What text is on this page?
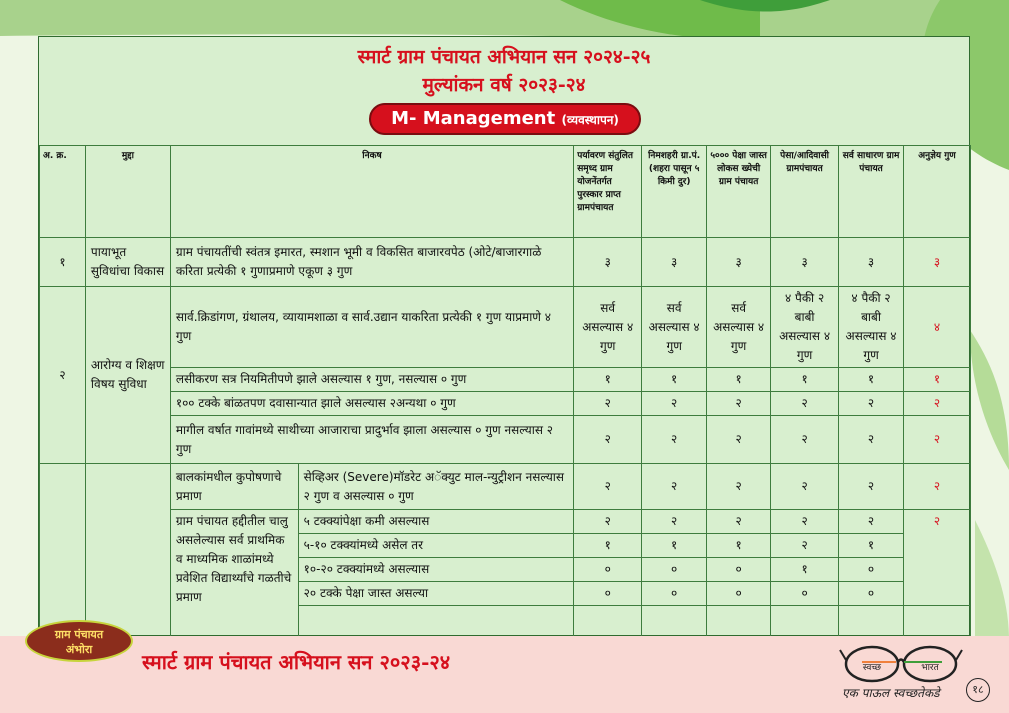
स्मार्ट ग्राम पंचायत अभियान सन २०२४-२५
मुल्यांकन वर्ष २०२३-२४
M- Management (व्यवस्थापन)
अ. क्र.	मुद्दा	निकष		पर्यावरण संतुलित समृध्द ग्राम योजनेंतर्गत पुरस्कार प्राप्त ग्रामपंचायत	निमशहरी ग्रा.पं. (शहरा पासून ५ किमी दुर)	५००० पेक्षा जास्त लोकस ख्येची ग्राम पंचायत	पेसा/आदिवासी ग्रामपंचायत	सर्व साधारण ग्राम पंचायत	अनुज्ञेय गुण
१	पायाभूत सुविधांचा विकास	ग्राम पंचायतींची स्वंतत्र इमारत, स्मशान भूमी व विकसित बाजारवपेठ (ओटे/बाजारगाळे करिता प्रत्येकी १ गुणाप्रमाणे एकूण ३ गुण		३	३	३	३	३	३
२	आरोग्य व शिक्षण विषय सुविधा	सार्व.क्रिडांगण, ग्रंथालय, व्यायामशाळा व सार्व.उद्यान याकरिता प्रत्येकी १ गुण याप्रमाणे ४ गुण		सर्व असल्यास ४ गुण	सर्व असल्यास ४ गुण	सर्व असल्यास ४ गुण	४ पैकी २ बाबी असल्यास ४ गुण	४ पैकी २ बाबी असल्यास ४ गुण	४
		लसीकरण सत्र नियमितीपणे झाले असल्यास १ गुण, नसल्यास ० गुण		१	१	१	१	१	१
		१०० टक्के बांळतपण दवासान्यात झाले असल्यास २अन्यथा ० गुण		२	२	२	२	२	२
		मागील वर्षात गावांमध्ये साथीच्या आजाराचा प्रादुर्भाव झाला असल्यास ० गुण नसल्यास २ गुण		२	२	२	२	२	२
		बालकांमधील कुपोषणाचे प्रमाण	सेव्हिअर (Severe)मॉडरेट अॅक्युट माल-न्युट्रीशन नसल्यास २ गुण व असल्यास ० गुण	२	२	२	२	२	२
		ग्राम पंचायत हद्दीतील चालु असलेल्यास सर्व प्राथमिक व माध्यमिक शाळांमध्ये प्रवेशित विद्यार्थ्यांचे गळतीचे प्रमाण	५ टक्क्यांपेक्षा कमी असल्यास	२	२	२	२	२	२
			५-१० टक्क्यांमध्ये असेल तर	१	१	१	२	१	
			१०-२० टक्क्यांमध्ये असल्यास	०	०	०	१	०	
			२० टक्के पेक्षा जास्त असल्या	०	०	०	०	०	

ग्राम पंचायत
अंभोरा
स्मार्ट ग्राम पंचायत अभियान सन २०२३-२४	स्वच्छ	भारत
एक पाऊल स्वच्छतेकडे	१८
